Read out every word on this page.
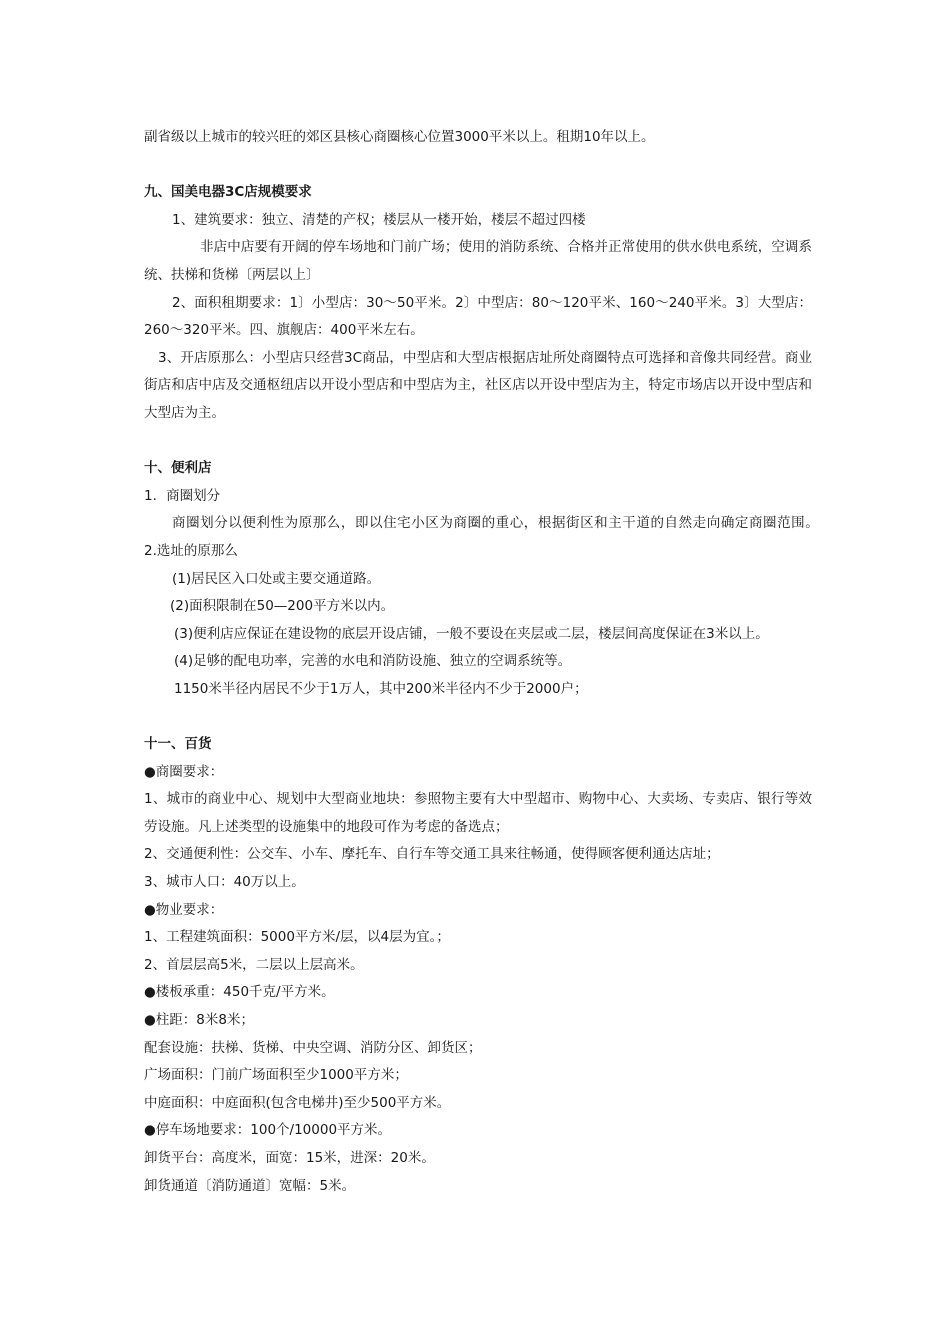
副省级以上城市的较兴旺的郊区县核心商圈核心位置3000平米以上。租期10年以上。
九、国美电器3C店规模要求
1、建筑要求：独立、清楚的产权；楼层从一楼开始，楼层不超过四楼
非店中店要有开阔的停车场地和门前广场；使用的消防系统、合格并正常使用的供水供电系统，空调系统、扶梯和货梯〔两层以上〕
2、面积租期要求：1〕小型店：30～50平米。2〕中型店：80～120平米、160～240平米。3〕大型店：260～320平米。四、旗舰店：400平米左右。
3、开店原那么：小型店只经营3C商品，中型店和大型店根据店址所处商圈特点可选择和音像共同经营。商业街店和店中店及交通枢纽店以开设小型店和中型店为主，社区店以开设中型店为主，特定市场店以开设中型店和大型店为主。
十、便利店
1．商圈划分
商圈划分以便利性为原那么，即以住宅小区为商圈的重心，根据街区和主干道的自然走向确定商圈范围。　　2.选址的原那么
(1)居民区入口处或主要交通道路。
(2)面积限制在50—200平方米以内。
(3)便利店应保证在建设物的底层开设店铺，一般不要设在夹层或二层，楼层间高度保证在3米以上。
(4)足够的配电功率，完善的水电和消防设施、独立的空调系统等。
1150米半径内居民不少于1万人，其中200米半径内不少于2000户；
十一、百货
●商圈要求：
1、城市的商业中心、规划中大型商业地块：参照物主要有大中型超市、购物中心、大卖场、专卖店、银行等效劳设施。凡上述类型的设施集中的地段可作为考虑的备选点；
2、交通便利性：公交车、小车、摩托车、自行车等交通工具来往畅通，使得顾客便利通达店址；
3、城市人口：40万以上。
●物业要求：
1、工程建筑面积：5000平方米/层，以4层为宜。；
2、首层层高5米，二层以上层高米。
●楼板承重：450千克/平方米。
●柱距：8米8米；
配套设施：扶梯、货梯、中央空调、消防分区、卸货区；
广场面积：门前广场面积至少1000平方米；
中庭面积：中庭面积(包含电梯井)至少500平方米。
●停车场地要求：100个/10000平方米。
卸货平台：高度米，面宽：15米，进深：20米。
卸货通道〔消防通道〕宽幅：5米。
